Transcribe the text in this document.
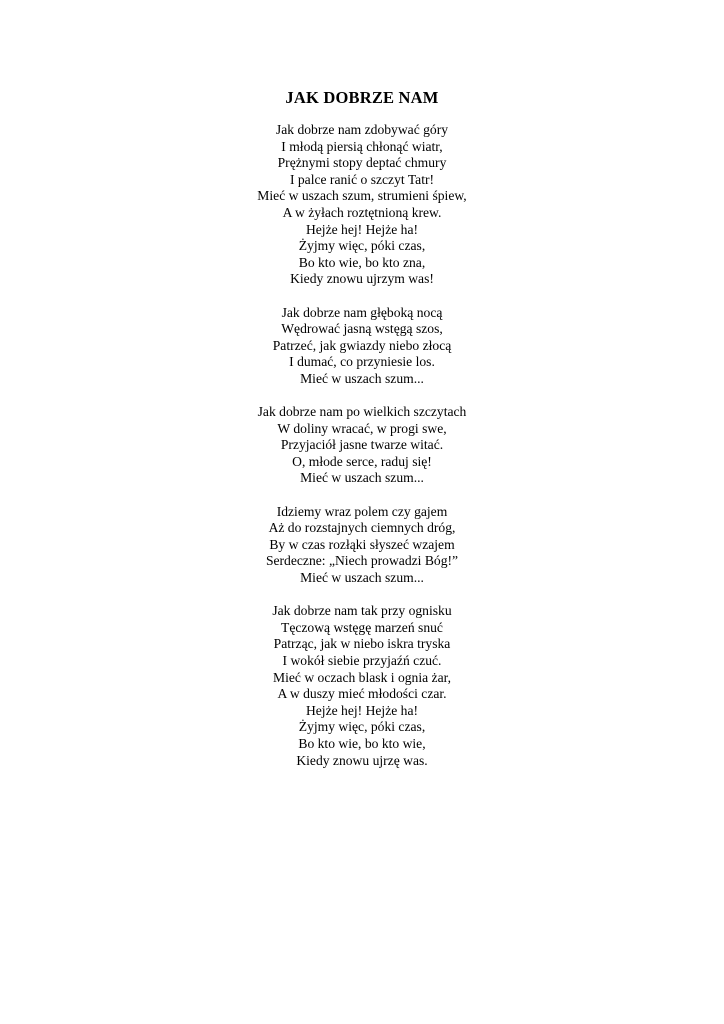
JAK DOBRZE NAM
Jak dobrze nam zdobywać góry
I młodą piersią chłonąć wiatr,
Prężnymi stopy deptać chmury
I palce ranić o szczyt Tatr!
Mieć w uszach szum, strumieni śpiew,
A w żyłach roztętnioną krew.
Hejże hej! Hejże ha!
Żyjmy więc, póki czas,
Bo kto wie, bo kto zna,
Kiedy znowu ujrzym was!
Jak dobrze nam głęboką nocą
Wędrować jasną wstęgą szos,
Patrzeć, jak gwiazdy niebo złocą
I dumać, co przyniesie los.
Mieć w uszach szum...
Jak dobrze nam po wielkich szczytach
W doliny wracać, w progi swe,
Przyjaciół jasne twarze witać.
O, młode serce, raduj się!
Mieć w uszach szum...
Idziemy wraz polem czy gajem
Aż do rozstajnych ciemnych dróg,
By w czas rozłąki słyszeć wzajem
Serdeczne: „Niech prowadzi Bóg!”
Mieć w uszach szum...
Jak dobrze nam tak przy ognisku
Tęczową wstęgę marzeń snuć
Patrząc, jak w niebo iskra tryska
I wokół siebie przyjaźń czuć.
Mieć w oczach blask i ognia żar,
A w duszy mieć młodości czar.
Hejże hej! Hejże ha!
Żyjmy więc, póki czas,
Bo kto wie, bo kto wie,
Kiedy znowu ujrzę was.
